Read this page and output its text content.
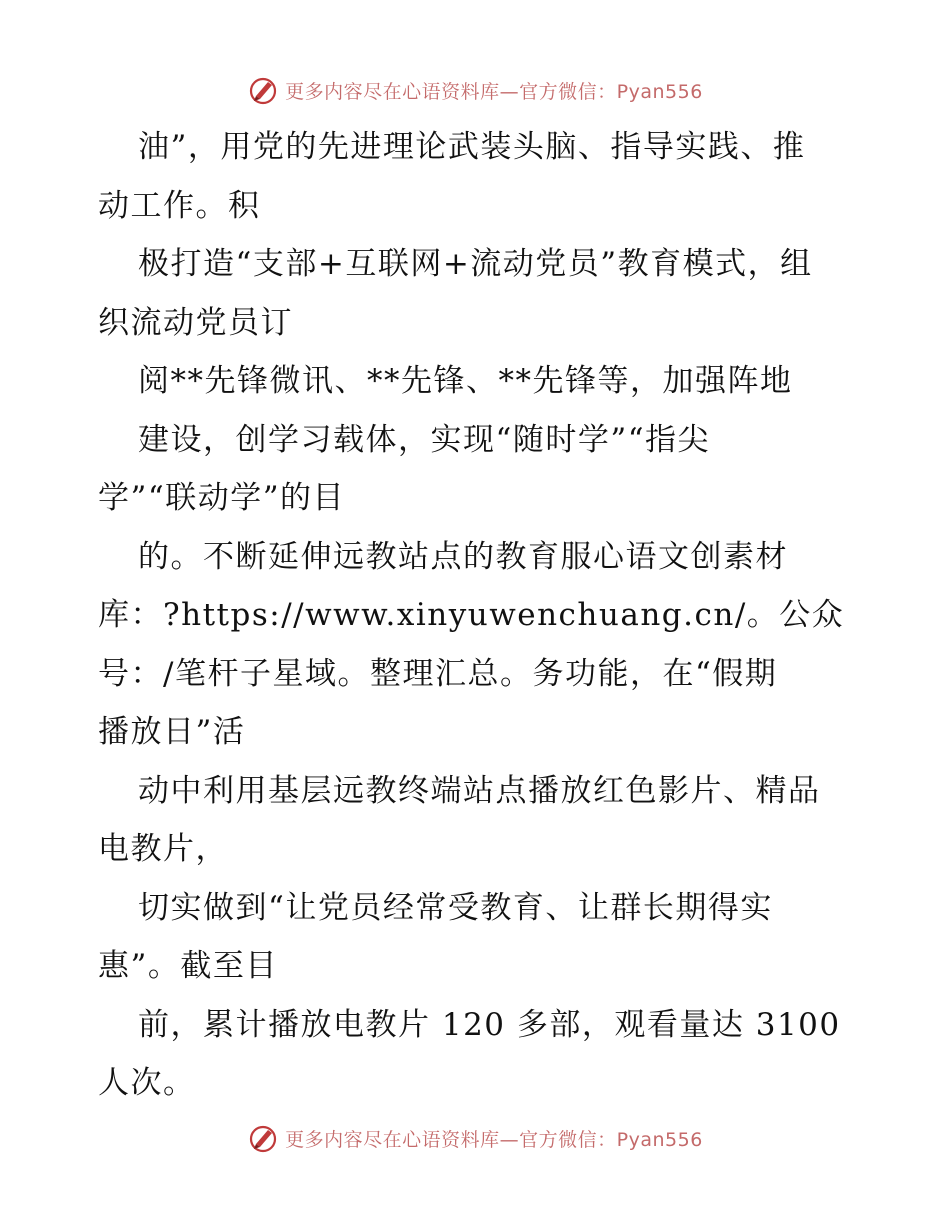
更多内容尽在心语资料库—官方微信：Pyan556
油”，用党的先进理论武装头脑、指导实践、推
动工作。积
极打造“支部+互联网+流动党员”教育模式，组
织流动党员订
阅**先锋微讯、**先锋、**先锋等，加强阵地
建设，创学习载体，实现“随时学”“指尖
学”“联动学”的目
的。不断延伸远教站点的教育服心语文创素材
库：?https://www.xinyuwenchuang.cn/。公众
号：/笔杆子星域。整理汇总。务功能，在“假期
播放日”活
动中利用基层远教终端站点播放红色影片、精品
电教片，
切实做到“让党员经常受教育、让群长期得实
惠”。截至目
前，累计播放电教片 120 多部，观看量达 3100
人次。
更多内容尽在心语资料库—官方微信：Pyan556
